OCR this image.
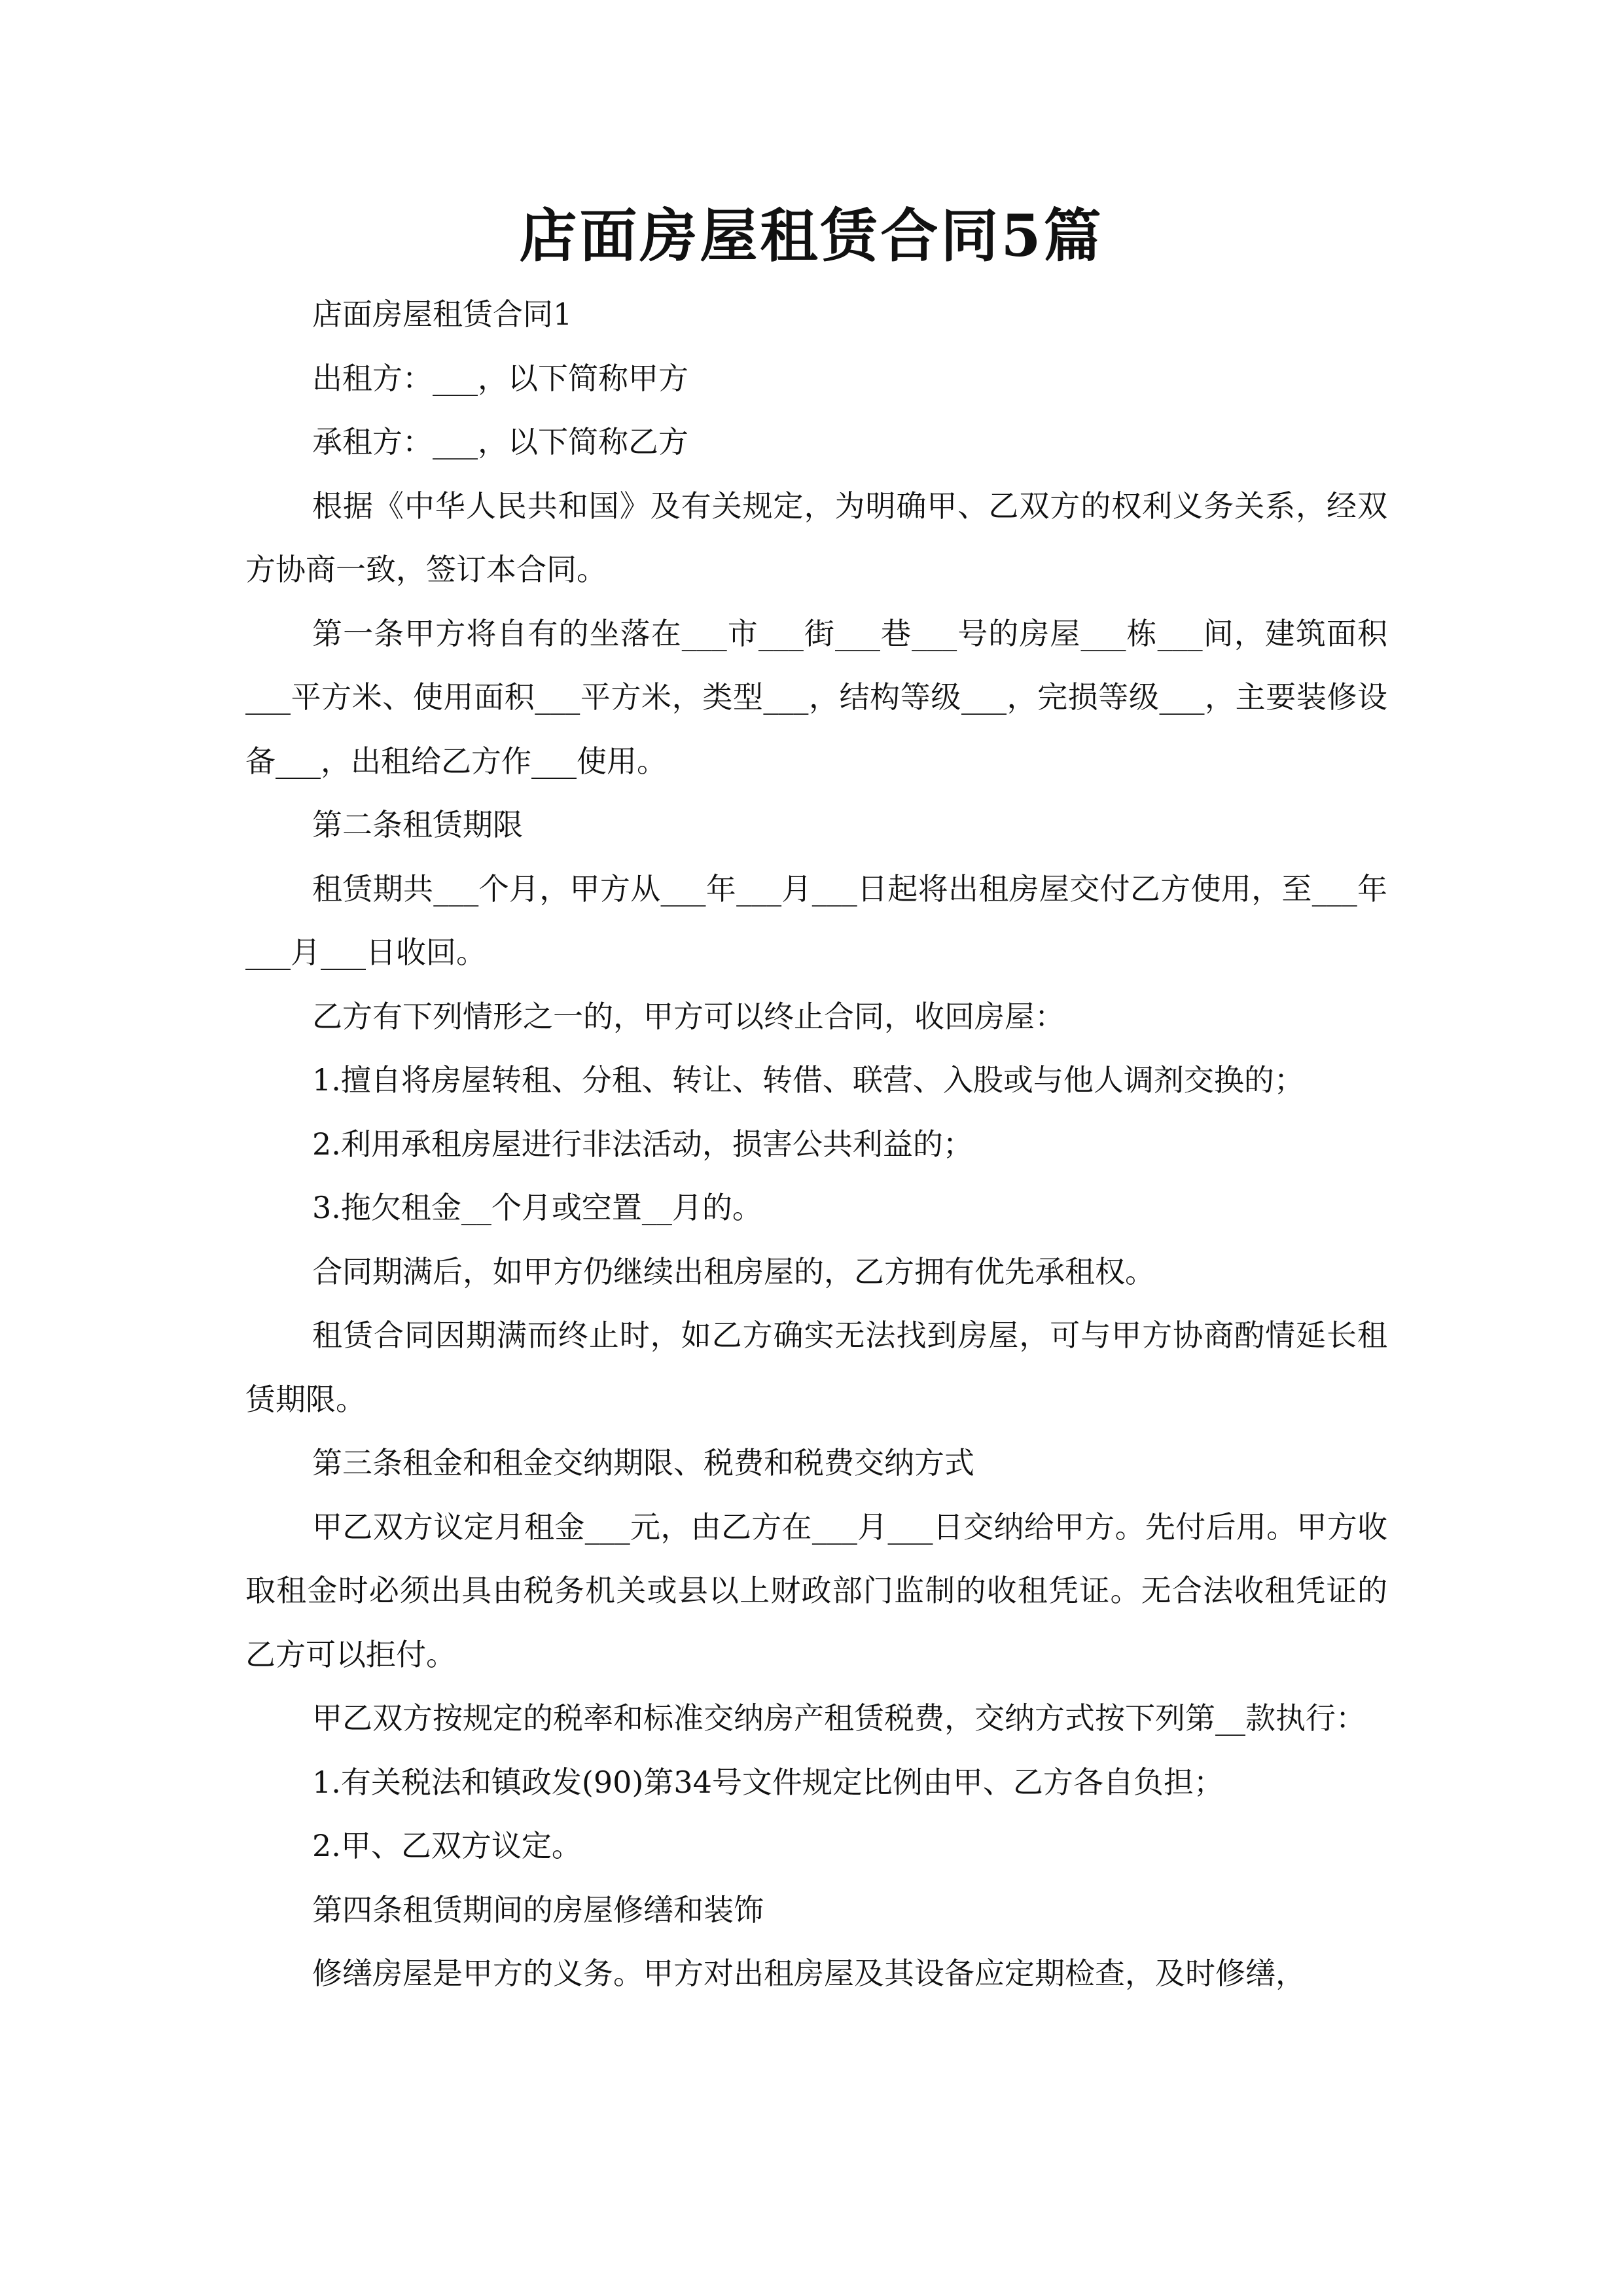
店面房屋租赁合同5篇

店面房屋租赁合同1

出租方：___，以下简称甲方

承租方：___，以下简称乙方

根据《中华人民共和国》及有关规定，为明确甲、乙双方的权利义务关系，经双方协商一致，签订本合同。

第一条甲方将自有的坐落在___市___街___巷___号的房屋___栋___间，建筑面积___平方米、使用面积___平方米，类型___，结构等级___，完损等级___，主要装修设备___，出租给乙方作___使用。

第二条租赁期限

租赁期共___个月，甲方从___年___月___日起将出租房屋交付乙方使用，至___年___月___日收回。

乙方有下列情形之一的，甲方可以终止合同，收回房屋：

1.擅自将房屋转租、分租、转让、转借、联营、入股或与他人调剂交换的；

2.利用承租房屋进行非法活动，损害公共利益的；

3.拖欠租金__个月或空置__月的。

合同期满后，如甲方仍继续出租房屋的，乙方拥有优先承租权。

租赁合同因期满而终止时，如乙方确实无法找到房屋，可与甲方协商酌情延长租赁期限。

第三条租金和租金交纳期限、税费和税费交纳方式

甲乙双方议定月租金___元，由乙方在___月___日交纳给甲方。先付后用。甲方收取租金时必须出具由税务机关或县以上财政部门监制的收租凭证。无合法收租凭证的乙方可以拒付。

甲乙双方按规定的税率和标准交纳房产租赁税费，交纳方式按下列第__款执行：

1.有关税法和镇政发(90)第34号文件规定比例由甲、乙方各自负担；

2.甲、乙双方议定。

第四条租赁期间的房屋修缮和装饰

修缮房屋是甲方的义务。甲方对出租房屋及其设备应定期检查，及时修缮，
